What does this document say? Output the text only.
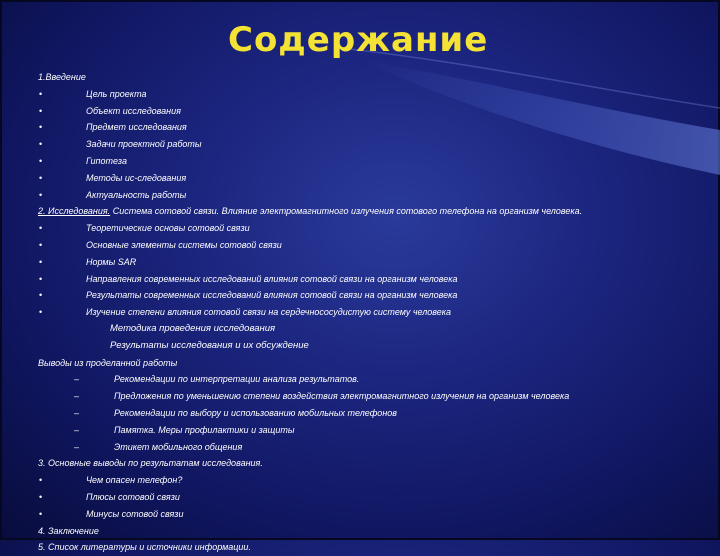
Содержание
1.Введение
•	Цель проекта
•	Объект исследования
•	Предмет исследования
•	Задачи проектной работы
•	Гипотеза
•	Методы ис-следования
•	Актуальность работы
2. Исследования. Система сотовой связи. Влияние электромагнитного излучения сотового телефона на организм человека.
•	Теоретические основы сотовой связи
•	Основные элементы системы сотовой связи
•	Нормы SAR
•	Направления современных исследований влияния сотовой связи на организм человека
•	Результаты современных исследований влияния сотовой связи на организм человека
•	Изучение степени влияния сотовой связи на сердечнососудистую систему человека
Методика проведения исследования
Результаты исследования и их обсуждение
Выводы из проделанной работы
–	Рекомендации по интерпретации анализа результатов.
–	Предложения по уменьшению степени воздействия электромагнитного излучения на организм человека
–	Рекомендации по выбору и использованию мобильных телефонов
–	Памятка. Меры профилактики и защиты
–	Этикет мобильного общения
3. Основные выводы по результатам исследования.
•	Чем опасен телефон?
•	Плюсы сотовой связи
•	Минусы сотовой связи
4. Заключение
5. Список литературы и источники информации.
